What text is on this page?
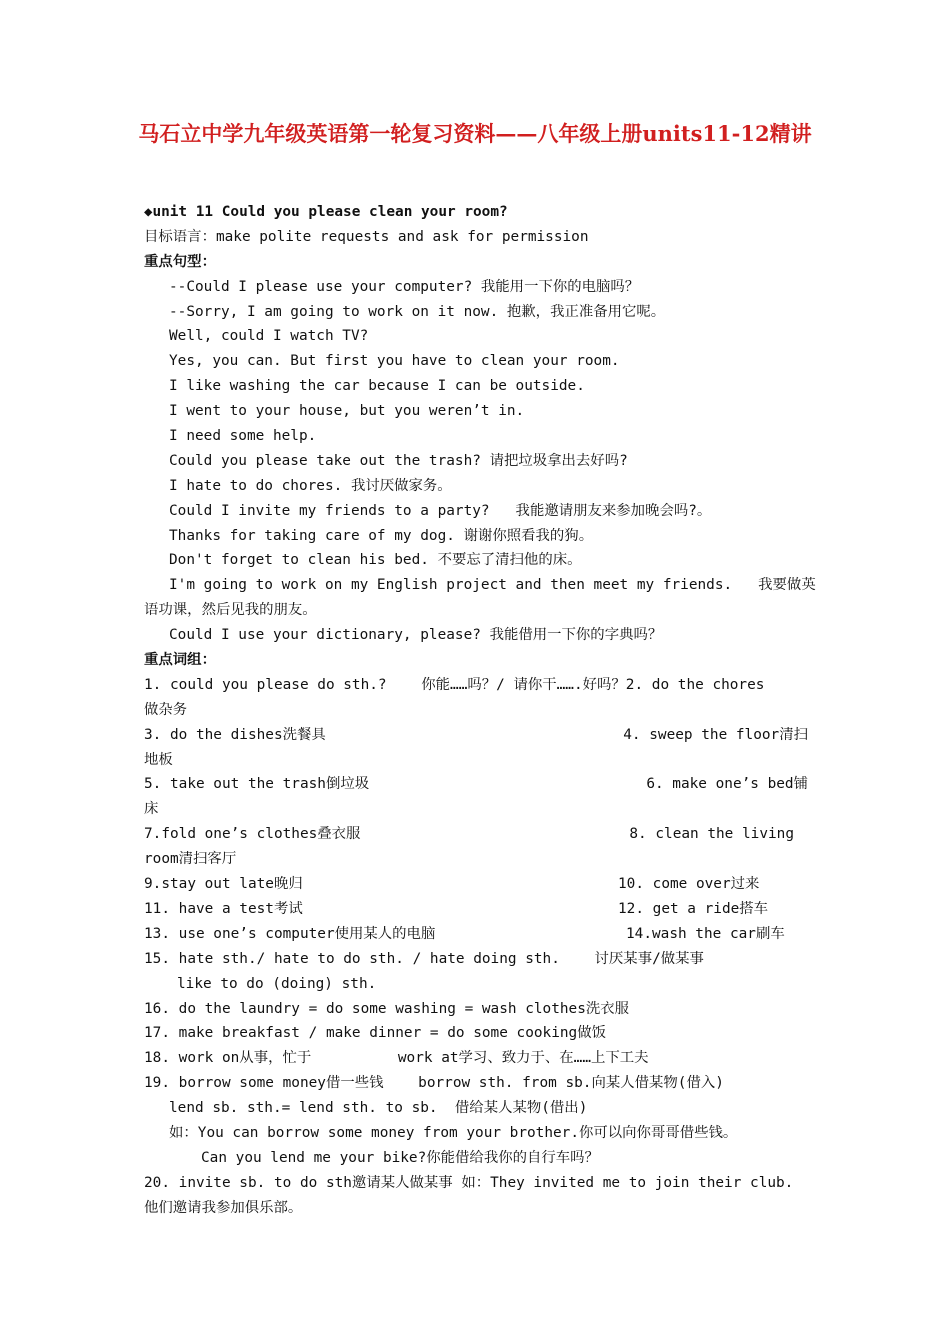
马石立中学九年级英语第一轮复习资料——八年级上册units11-12精讲
◆unit 11 Could you please clean your room?
目标语言：make polite requests and ask for permission
重点句型：
--Could I please use your computer? 我能用一下你的电脑吗？
--Sorry, I am going to work on it now. 抱歉，我正准备用它呢。
Well, could I watch TV?
Yes, you can. But first you have to clean your room.
I like washing the car because I can be outside.
I went to your house, but you weren’t in.
I need some help.
Could you please take out the trash? 请把垃圾拿出去好吗?
I hate to do chores. 我讨厌做家务。
Could I invite my friends to a party?   我能邀请朋友来参加晚会吗?。
Thanks for taking care of my dog. 谢谢你照看我的狗。
Don't forget to clean his bed. 不要忘了清扫他的床。
I'm going to work on my English project and then meet my friends.   我要做英
语功课，然后见我的朋友。
Could I use your dictionary, please? 我能借用一下你的字典吗？
重点词组：
1. could you please do sth.?    你能……吗？/ 请你干…….好吗？2. do the chores
做杂务
3. do the dishes洗餐具	4. sweep the floor清扫
地板
5. take out the trash倒垃圾	6. make one’s bed铺
床
7.fold one’s clothes叠衣服	8. clean the living
room清扫客厅
9.stay out late晚归	10. come over过来
11. have a test考试	12. get a ride搭车
13. use one’s computer使用某人的电脑	14.wash the car刷车
15. hate sth./ hate to do sth. / hate doing sth.    讨厌某事/做某事
like to do (doing) sth.
16. do the laundry = do some washing = wash clothes洗衣服
17. make breakfast / make dinner = do some cooking做饭
18. work on从事，忙于          work at学习、致力于、在……上下工夫
19. borrow some money借一些钱    borrow sth. from sb.向某人借某物(借入)
lend sb. sth.= lend sth. to sb.  借给某人某物(借出)
如：You can borrow some money from your brother.你可以向你哥哥借些钱。
Can you lend me your bike?你能借给我你的自行车吗？
20. invite sb. to do sth邀请某人做某事 如：They invited me to join their club.
他们邀请我参加俱乐部。
